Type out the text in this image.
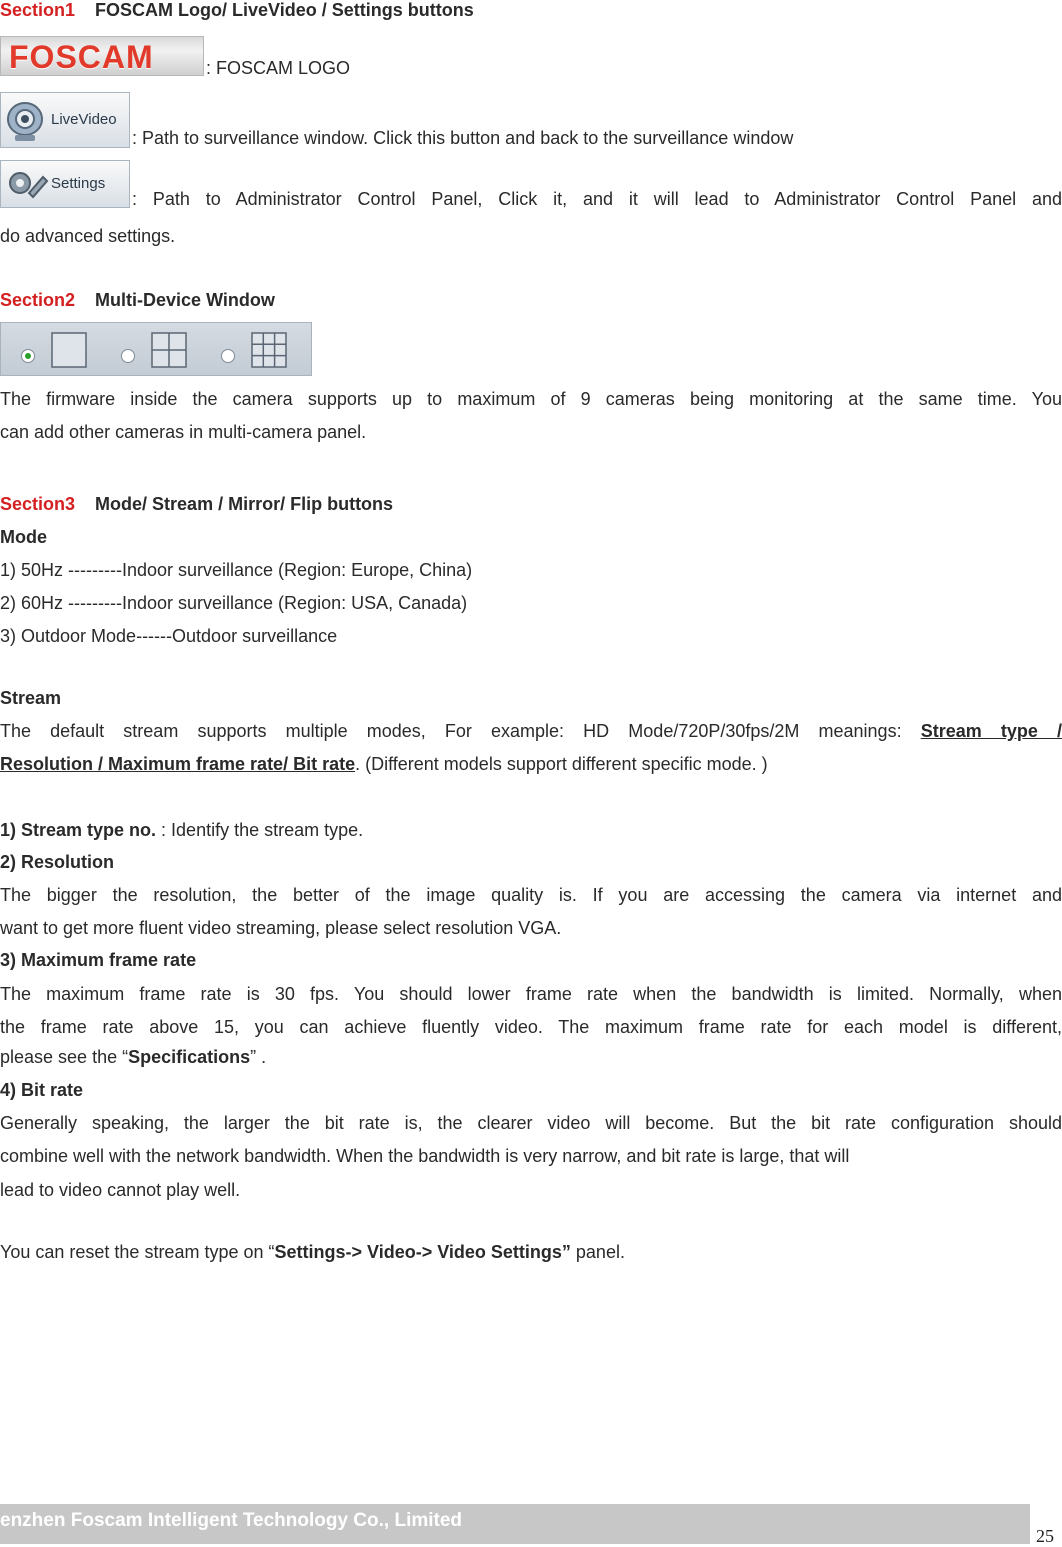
Section1 FOSCAM Logo/ LiveVideo / Settings buttons
FOSCAM	: FOSCAM LOGO
LiveVideo
: Path to surveillance window. Click this button and back to the surveillance window
Settings
: Path to Administrator Control Panel, Click it, and it will lead to Administrator Control Panel and
do advanced settings.
Section2 Multi-Device Window
The firmware inside the camera supports up to maximum of 9 cameras being monitoring at the same time. You
can add other cameras in multi-camera panel.
Section3 Mode/ Stream / Mirror/ Flip buttons
Mode
1) 50Hz ---------Indoor surveillance (Region: Europe, China)
2) 60Hz ---------Indoor surveillance (Region: USA, Canada)
3) Outdoor Mode------Outdoor surveillance
Stream
The default stream supports multiple modes, For example: HD Mode/720P/30fps/2M meanings: Stream type /
Resolution / Maximum frame rate/ Bit rate. (Different models support different specific mode. )
1) Stream type no. : Identify the stream type.
2) Resolution
The bigger the resolution, the better of the image quality is. If you are accessing the camera via internet and
want to get more fluent video streaming, please select resolution VGA.
3) Maximum frame rate
The maximum frame rate is 30 fps. You should lower frame rate when the bandwidth is limited. Normally, when
the frame rate above 15, you can achieve fluently video. The maximum frame rate for each model is different,
please see the “Specifications” .
4) Bit rate
Generally speaking, the larger the bit rate is, the clearer video will become. But the bit rate configuration should
combine well with the network bandwidth. When the bandwidth is very narrow, and bit rate is large, that will
lead to video cannot play well.
You can reset the stream type on “Settings-> Video-> Video Settings” panel.
enzhen Foscam Intelligent Technology Co., Limited
25
